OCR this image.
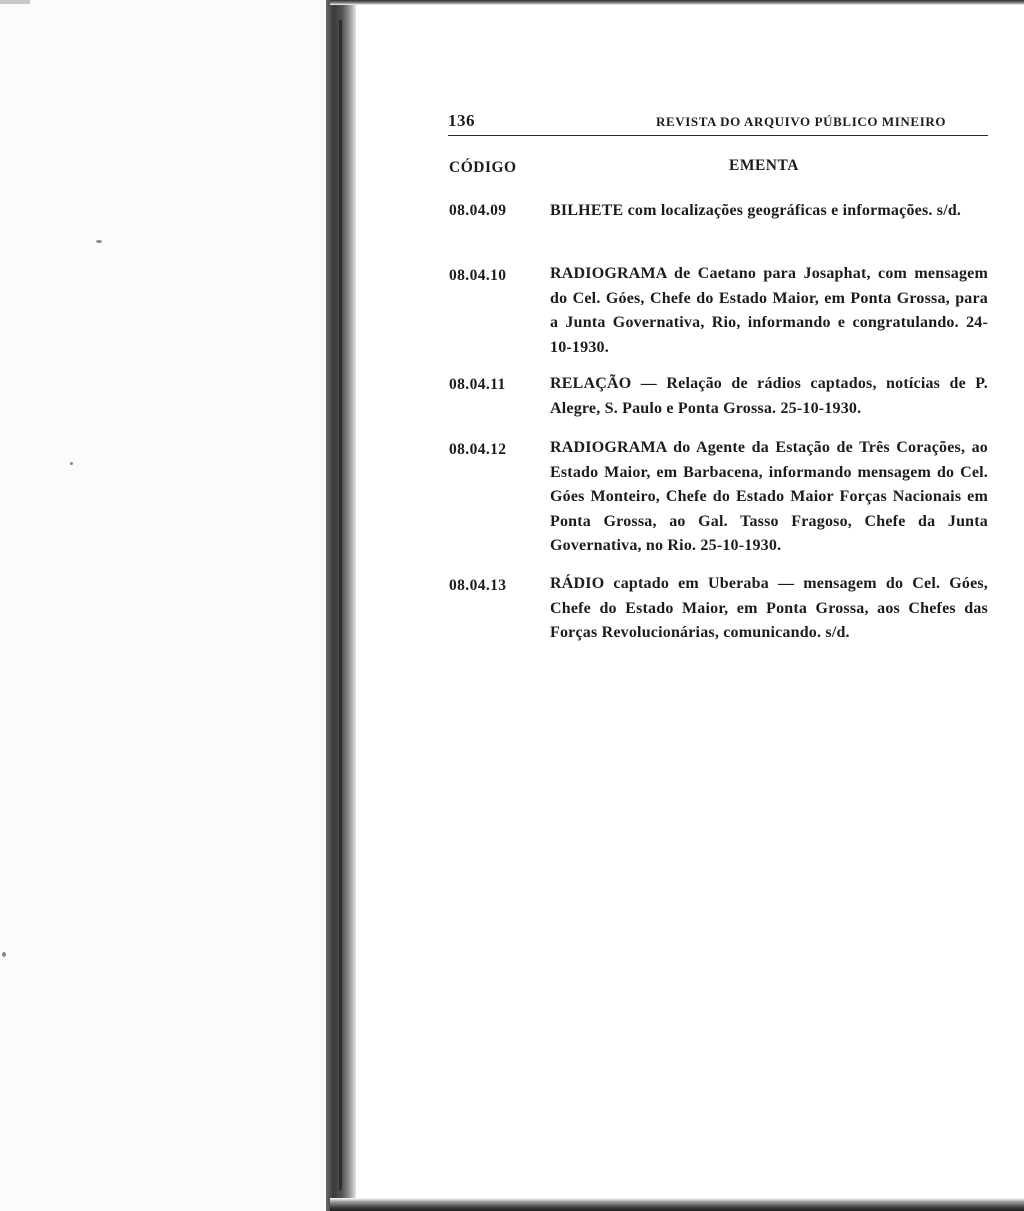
136	REVISTA DO ARQUIVO PÚBLICO MINEIRO
CÓDIGO	EMENTA
08.04.09	BILHETE com localizações geográficas e informações. s/d.
08.04.10	RADIOGRAMA de Caetano para Josaphat, com mensagem do Cel. Góes, Chefe do Estado Maior, em Ponta Grossa, para a Junta Governativa, Rio, informando e congratulando. 24-10-1930.
08.04.11	RELAÇÃO — Relação de rádios captados, notícias de P. Alegre, S. Paulo e Ponta Grossa. 25-10-1930.
08.04.12	RADIOGRAMA do Agente da Estação de Três Corações, ao Estado Maior, em Barbacena, informando mensagem do Cel. Góes Monteiro, Chefe do Estado Maior Forças Nacionais em Ponta Grossa, ao Gal. Tasso Fragoso, Chefe da Junta Governativa, no Rio. 25-10-1930.
08.04.13	RÁDIO captado em Uberaba — mensagem do Cel. Góes, Chefe do Estado Maior, em Ponta Grossa, aos Chefes das Forças Revolucionárias, comunicando. s/d.
